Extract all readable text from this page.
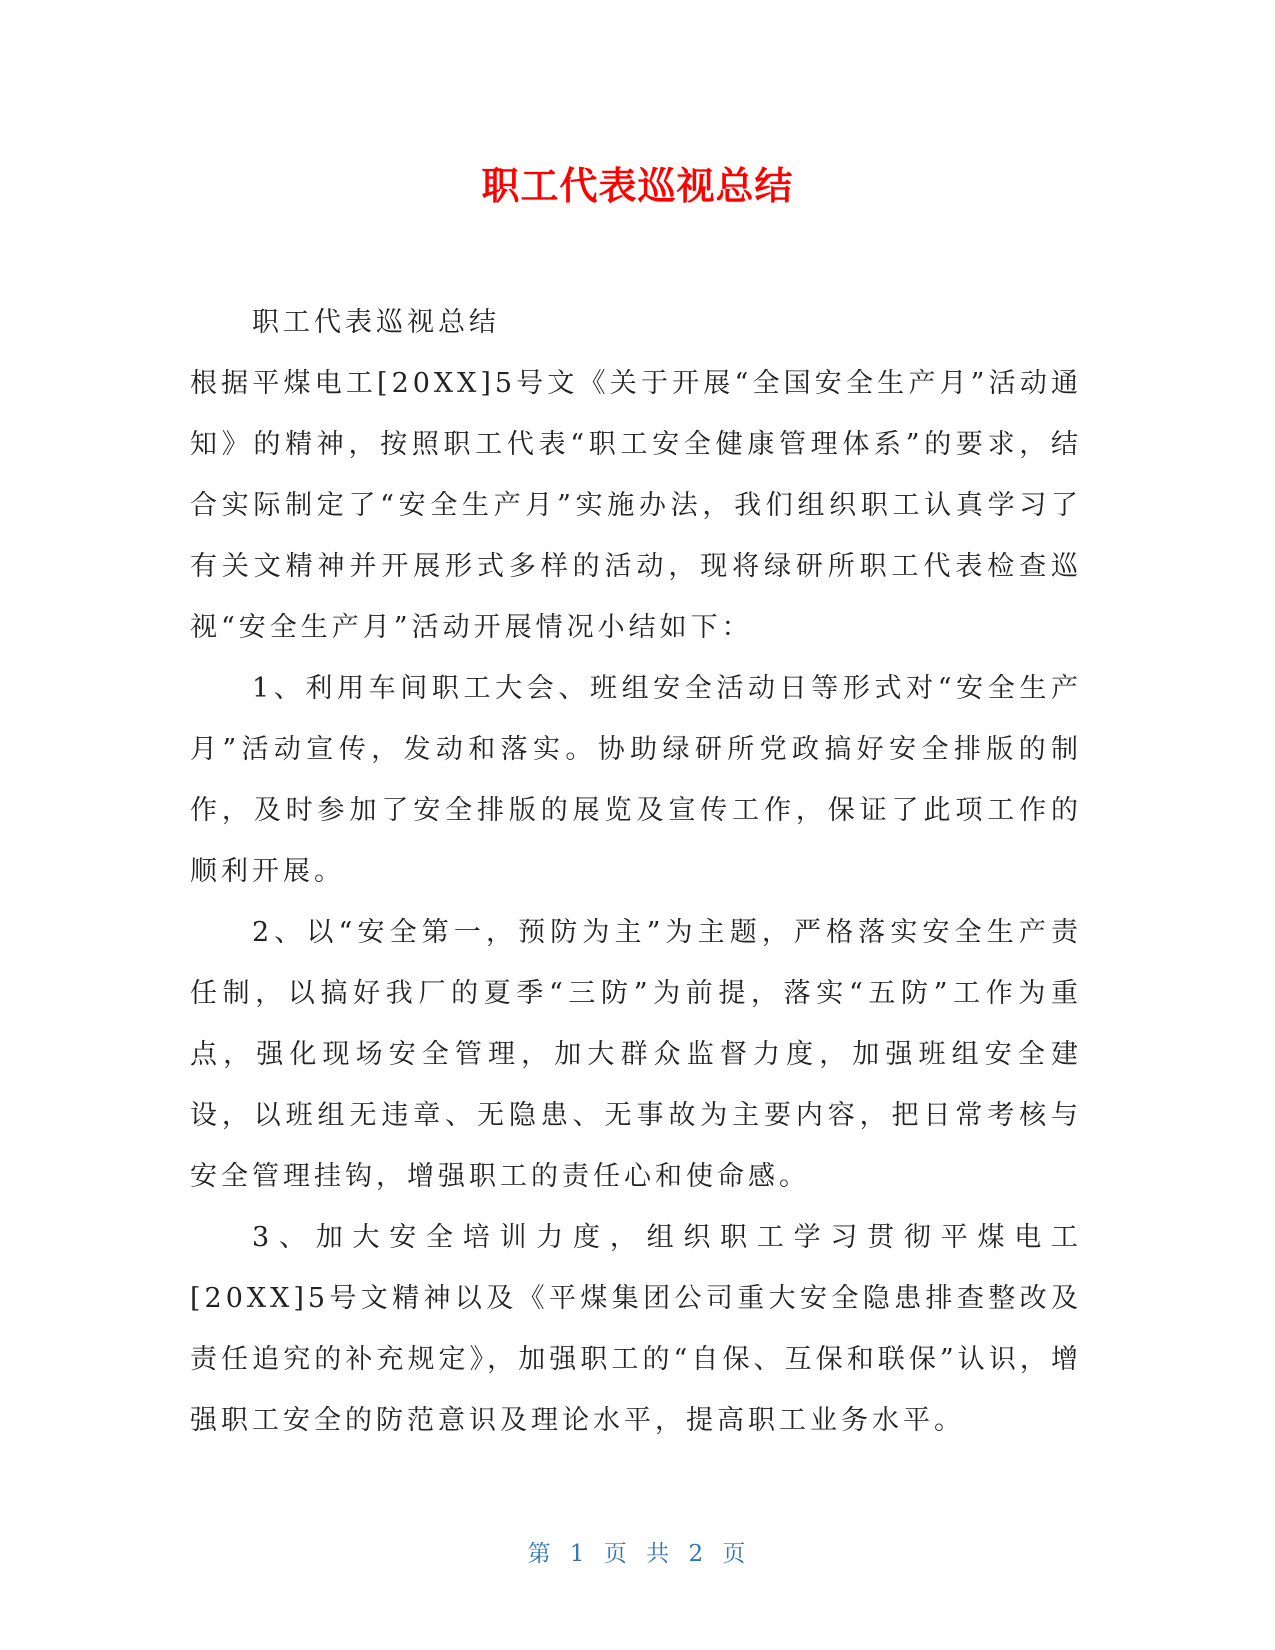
职工代表巡视总结

职工代表巡视总结

根据平煤电工[20XX]5号文《关于开展“全国安全生产月”活动通知》的精神，按照职工代表“职工安全健康管理体系”的要求，结合实际制定了“安全生产月”实施办法，我们组织职工认真学习了有关文精神并开展形式多样的活动，现将绿研所职工代表检查巡视“安全生产月”活动开展情况小结如下：

1、利用车间职工大会、班组安全活动日等形式对“安全生产月”活动宣传，发动和落实。协助绿研所党政搞好安全排版的制作，及时参加了安全排版的展览及宣传工作，保证了此项工作的顺利开展。

2、以“安全第一，预防为主”为主题，严格落实安全生产责任制，以搞好我厂的夏季“三防”为前提，落实“五防”工作为重点，强化现场安全管理，加大群众监督力度，加强班组安全建设，以班组无违章、无隐患、无事故为主要内容，把日常考核与安全管理挂钩，增强职工的责任心和使命感。

3、加大安全培训力度，组织职工学习贯彻平煤电工[20XX]5号文精神以及《平煤集团公司重大安全隐患排查整改及责任追究的补充规定》，加强职工的“自保、互保和联保”认识，增强职工安全的防范意识及理论水平，提高职工业务水平。

第 1 页 共 2 页
